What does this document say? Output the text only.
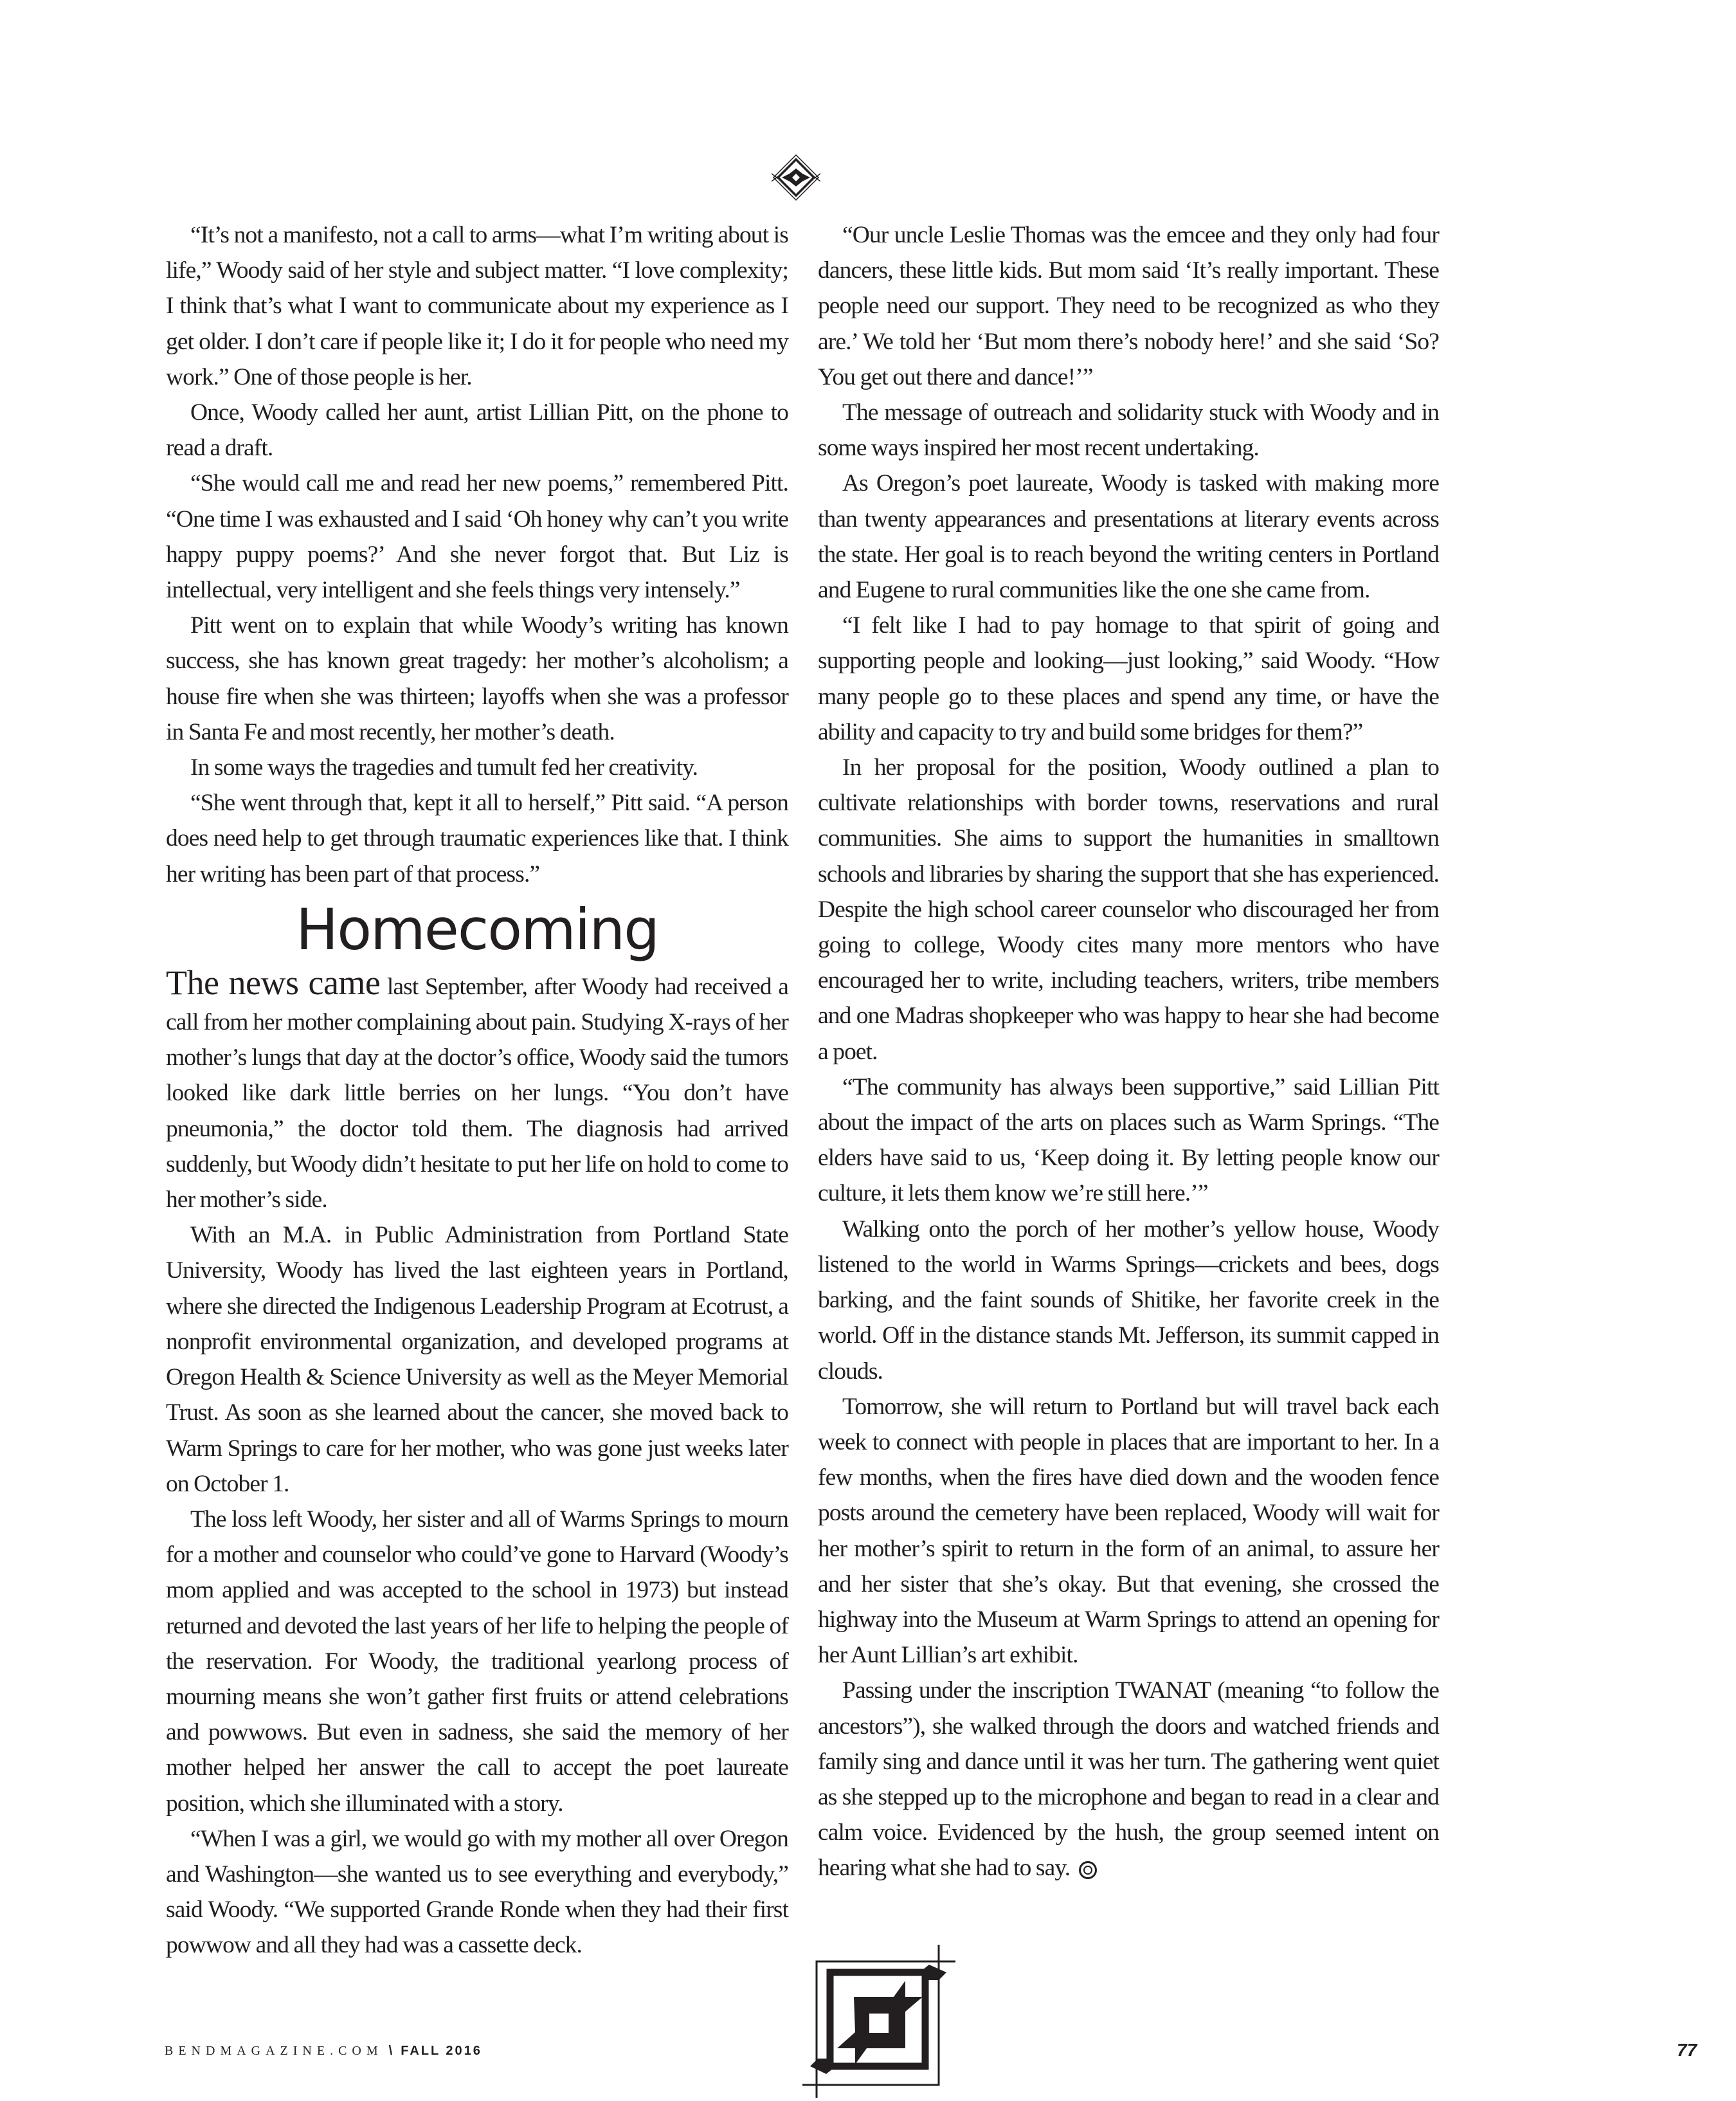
“It’s not a manifesto, not a call to arms—what I’m writing about is life,” Woody said of her style and subject matter. “I love complexity; I think that’s what I want to communicate about my experience as I get older. I don’t care if people like it; I do it for people who need my work.” One of those people is her.

Once, Woody called her aunt, artist Lillian Pitt, on the phone to read a draft.

“She would call me and read her new poems,” remembered Pitt. “One time I was exhausted and I said ‘Oh honey why can’t you write happy puppy poems?’ And she never forgot that. But Liz is intellectual, very intelligent and she feels things very intensely.”

Pitt went on to explain that while Woody’s writing has known success, she has known great tragedy: her mother’s alcoholism; a house fire when she was thirteen; layoffs when she was a professor in Santa Fe and most recently, her mother’s death.

In some ways the tragedies and tumult fed her creativity.

“She went through that, kept it all to herself,” Pitt said. “A person does need help to get through traumatic experiences like that. I think her writing has been part of that process.”

Homecoming

The news came last September, after Woody had received a call from her mother complaining about pain. Studying X-rays of her mother’s lungs that day at the doctor’s office, Woody said the tumors looked like dark little berries on her lungs. “You don’t have pneumonia,” the doctor told them. The diagnosis had arrived suddenly, but Woody didn’t hesitate to put her life on hold to come to her mother’s side.

With an M.A. in Public Administration from Portland State University, Woody has lived the last eighteen years in Portland, where she directed the Indigenous Leadership Program at Ecotrust, a nonprofit environmental organization, and developed programs at Oregon Health & Science University as well as the Meyer Memorial Trust. As soon as she learned about the cancer, she moved back to Warm Springs to care for her mother, who was gone just weeks later on October 1.

The loss left Woody, her sister and all of Warms Springs to mourn for a mother and counselor who could’ve gone to Harvard (Woody’s mom applied and was accepted to the school in 1973) but instead returned and devoted the last years of her life to helping the people of the reservation. For Woody, the traditional yearlong process of mourning means she won’t gather first fruits or attend celebrations and powwows. But even in sadness, she said the memory of her mother helped her answer the call to accept the poet laureate position, which she illuminated with a story.

“When I was a girl, we would go with my mother all over Oregon and Washington—she wanted us to see everything and everybody,” said Woody. “We supported Grande Ronde when they had their first powwow and all they had was a cassette deck.

“Our uncle Leslie Thomas was the emcee and they only had four dancers, these little kids. But mom said ‘It’s really important. These people need our support. They need to be recognized as who they are.’ We told her ‘But mom there’s nobody here!’ and she said ‘So? You get out there and dance!’”

The message of outreach and solidarity stuck with Woody and in some ways inspired her most recent undertaking.

As Oregon’s poet laureate, Woody is tasked with making more than twenty appearances and presentations at literary events across the state. Her goal is to reach beyond the writing centers in Portland and Eugene to rural communities like the one she came from.

“I felt like I had to pay homage to that spirit of going and supporting people and looking—just looking,” said Woody. “How many people go to these places and spend any time, or have the ability and capacity to try and build some bridges for them?”

In her proposal for the position, Woody outlined a plan to cultivate relationships with border towns, reservations and rural communities. She aims to support the humanities in smalltown schools and libraries by sharing the support that she has experienced. Despite the high school career counselor who discouraged her from going to college, Woody cites many more mentors who have encouraged her to write, including teachers, writers, tribe members and one Madras shopkeeper who was happy to hear she had become a poet.

“The community has always been supportive,” said Lillian Pitt about the impact of the arts on places such as Warm Springs. “The elders have said to us, ‘Keep doing it. By letting people know our culture, it lets them know we’re still here.’”

Walking onto the porch of her mother’s yellow house, Woody listened to the world in Warms Springs—crickets and bees, dogs barking, and the faint sounds of Shitike, her favorite creek in the world. Off in the distance stands Mt. Jefferson, its summit capped in clouds.

Tomorrow, she will return to Portland but will travel back each week to connect with people in places that are important to her. In a few months, when the fires have died down and the wooden fence posts around the cemetery have been replaced, Woody will wait for her mother’s spirit to return in the form of an animal, to assure her and her sister that she’s okay. But that evening, she crossed the highway into the Museum at Warm Springs to attend an opening for her Aunt Lillian’s art exhibit.

Passing under the inscription TWANAT (meaning “to follow the ancestors”), she walked through the doors and watched friends and family sing and dance until it was her turn. The gathering went quiet as she stepped up to the microphone and began to read in a clear and calm voice. Evidenced by the hush, the group seemed intent on hearing what she had to say.

BENDMAGAZINE.COM \ FALL 2016	77
